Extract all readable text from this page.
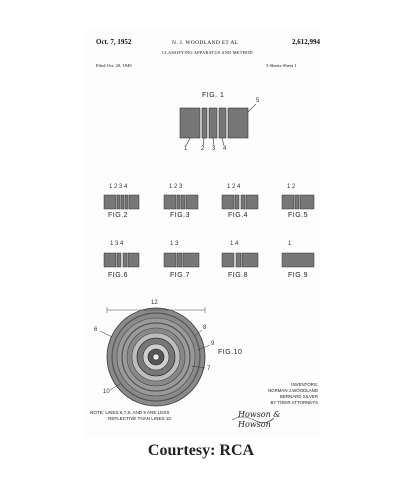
Oct. 7, 1952	N. J. WOODLAND ET AL	2,612,994
CLASSIFYING APPARATUS AND METHOD
Filed Oct. 20, 1949	3 Sheets-Sheet 1
1 2 3 4
5
FIG. 1
1 2 3 4	1 2 3	1 2 4	1 2
FIG.2	FIG.3	FIG.4	FIG.5
1 3 4	1 3	1 4	1
FIG.6	FIG.7	FIG.8	FIG.9
12
6	8
9
10
7
FIG.10
INVENTORS:
NORMAN J.WOODLAND
BERNARD SILVER
BY THEIR ATTORNEYS
Howson & Howson
NOTE: LINES 6,7,8, AND 9 ARE LESS
REFLECTIVE THAN LINES 10.
Courtesy: RCA
